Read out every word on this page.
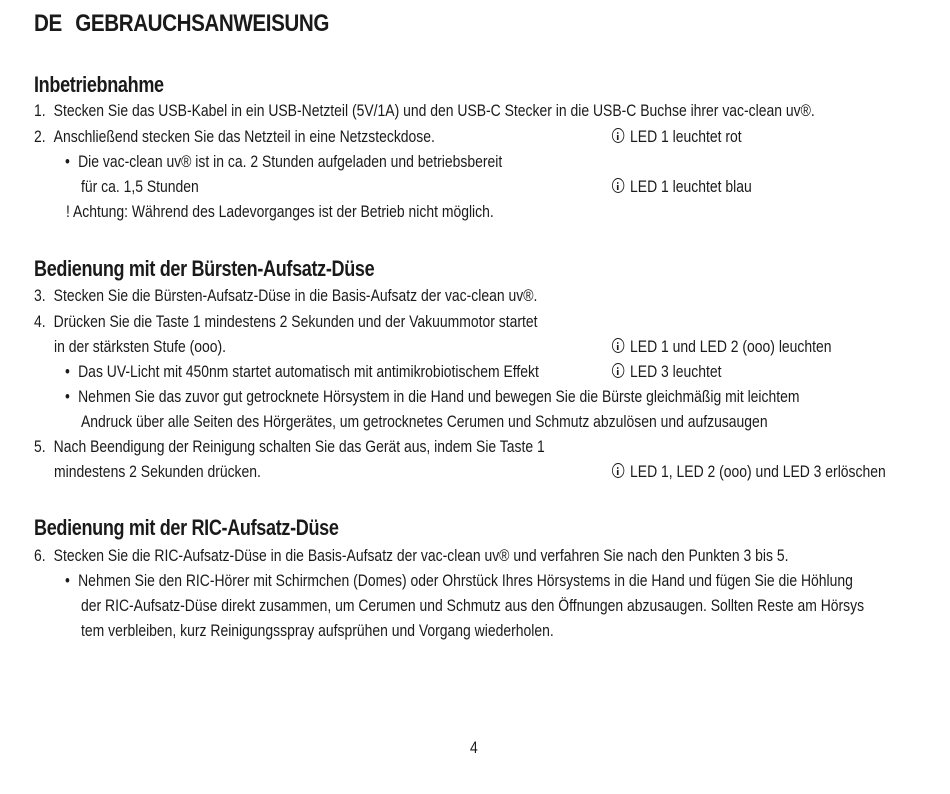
DE GEBRAUCHSANWEISUNG
Inbetriebnahme
1. Stecken Sie das USB-Kabel in ein USB-Netzteil (5V/1A) und den USB-C Stecker in die USB-C Buchse ihrer vac-clean uv®.
2. Anschließend stecken Sie das Netzteil in eine Netzsteckdose.	LED 1 leuchtet rot
• Die vac-clean uv® ist in ca. 2 Stunden aufgeladen und betriebsbereit
für ca. 1,5 Stunden	LED 1 leuchtet blau
! Achtung: Während des Ladevorganges ist der Betrieb nicht möglich.
Bedienung mit der Bürsten-Aufsatz-Düse
3. Stecken Sie die Bürsten-Aufsatz-Düse in die Basis-Aufsatz der vac-clean uv®.
4. Drücken Sie die Taste 1 mindestens 2 Sekunden und der Vakuummotor startet
in der stärksten Stufe (ooo).	LED 1 und LED 2 (ooo) leuchten
• Das UV-Licht mit 450nm startet automatisch mit antimikrobiotischem Effekt	LED 3 leuchtet
• Nehmen Sie das zuvor gut getrocknete Hörsystem in die Hand und bewegen Sie die Bürste gleichmäßig mit leichtem
Andruck über alle Seiten des Hörgerätes, um getrocknetes Cerumen und Schmutz abzulösen und aufzusaugen
5. Nach Beendigung der Reinigung schalten Sie das Gerät aus, indem Sie Taste 1
mindestens 2 Sekunden drücken.	LED 1, LED 2 (ooo) und LED 3 erlöschen
Bedienung mit der RIC-Aufsatz-Düse
6. Stecken Sie die RIC-Aufsatz-Düse in die Basis-Aufsatz der vac-clean uv® und verfahren Sie nach den Punkten 3 bis 5.
• Nehmen Sie den RIC-Hörer mit Schirmchen (Domes) oder Ohrstück Ihres Hörsystems in die Hand und fügen Sie die Höhlung
der RIC-Aufsatz-Düse direkt zusammen, um Cerumen und Schmutz aus den Öffnungen abzusaugen. Sollten Reste am Hörsys
tem verbleiben, kurz Reinigungsspray aufsprühen und Vorgang wiederholen.
4
